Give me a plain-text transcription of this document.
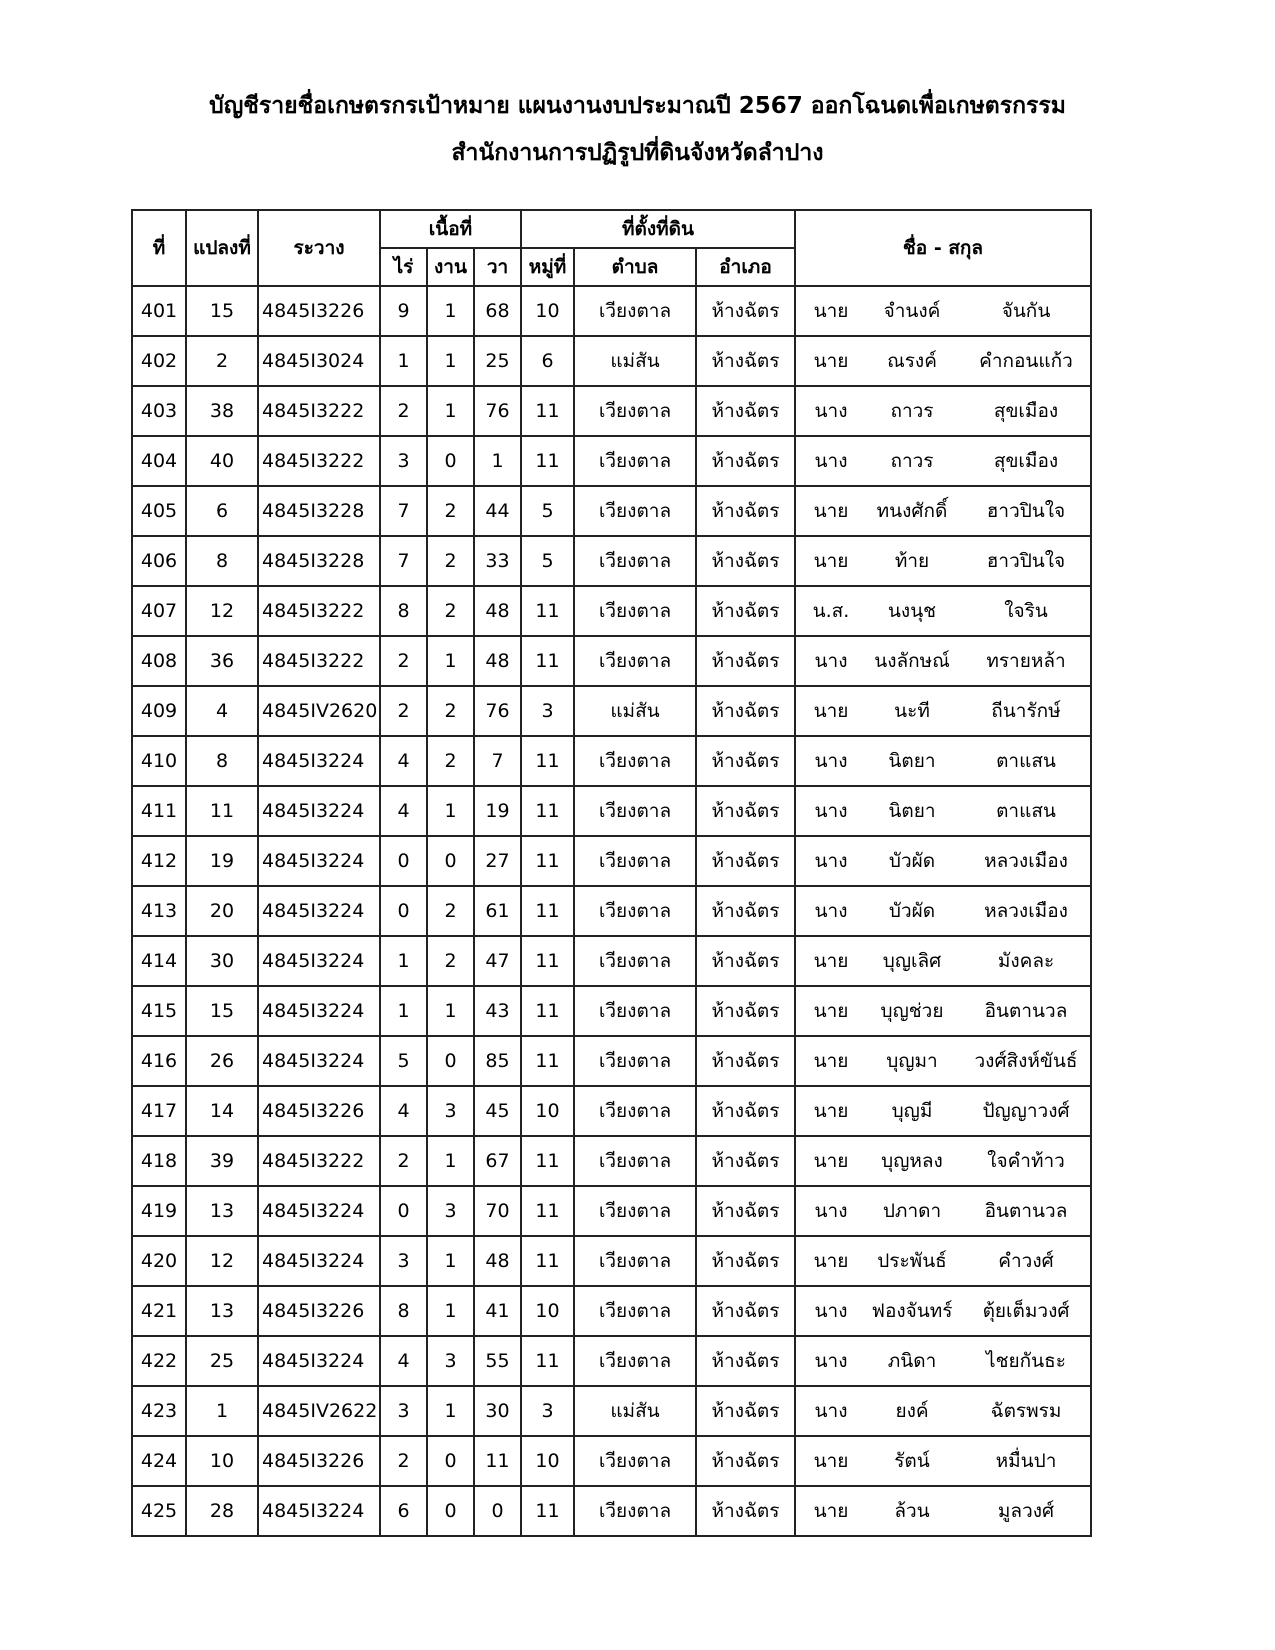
บัญชีรายชื่อเกษตรกรเป้าหมาย แผนงานงบประมาณปี 2567 ออกโฉนดเพื่อเกษตรกรรม
สำนักงานการปฏิรูปที่ดินจังหวัดลำปาง
ที่	แปลงที่	ระวาง	เนื้อที่			ที่ตั้งที่ดิน			ชื่อ - สกุล
			ไร่	งาน	วา	หมู่ที่	ตำบล	อำเภอ	
401	15	4845I3226	9	1	68	10	เวียงตาล	ห้างฉัตร	นาย จำนงค์ จันกัน

402	2	4845I3024	1	1	25	6	แม่สัน	ห้างฉัตร	นาย ณรงค์ คำกอนแก้ว

403	38	4845I3222	2	1	76	11	เวียงตาล	ห้างฉัตร	นาง ถาวร สุขเมือง

404	40	4845I3222	3	0	1	11	เวียงตาล	ห้างฉัตร	นาง ถาวร สุขเมือง

405	6	4845I3228	7	2	44	5	เวียงตาล	ห้างฉัตร	นาย ทนงศักดิ์ ฮาวปินใจ

406	8	4845I3228	7	2	33	5	เวียงตาล	ห้างฉัตร	นาย ท้าย ฮาวปินใจ

407	12	4845I3222	8	2	48	11	เวียงตาล	ห้างฉัตร	น.ส. นงนุช ใจริน

408	36	4845I3222	2	1	48	11	เวียงตาล	ห้างฉัตร	นาง นงลักษณ์ ทรายหล้า

409	4	4845IV2620	2	2	76	3	แม่สัน	ห้างฉัตร	นาย นะที ถีนารักษ์

410	8	4845I3224	4	2	7	11	เวียงตาล	ห้างฉัตร	นาง นิตยา ตาแสน

411	11	4845I3224	4	1	19	11	เวียงตาล	ห้างฉัตร	นาง นิตยา ตาแสน

412	19	4845I3224	0	0	27	11	เวียงตาล	ห้างฉัตร	นาง บัวผัด หลวงเมือง

413	20	4845I3224	0	2	61	11	เวียงตาล	ห้างฉัตร	นาง บัวผัด หลวงเมือง

414	30	4845I3224	1	2	47	11	เวียงตาล	ห้างฉัตร	นาย บุญเลิศ มังคละ

415	15	4845I3224	1	1	43	11	เวียงตาล	ห้างฉัตร	นาย บุญช่วย อินตานวล

416	26	4845I3224	5	0	85	11	เวียงตาล	ห้างฉัตร	นาย บุญมา วงศ์สิงห์ขันธ์

417	14	4845I3226	4	3	45	10	เวียงตาล	ห้างฉัตร	นาย บุญมี ปัญญาวงศ์

418	39	4845I3222	2	1	67	11	เวียงตาล	ห้างฉัตร	นาย บุญหลง ใจคำท้าว

419	13	4845I3224	0	3	70	11	เวียงตาล	ห้างฉัตร	นาง ปภาดา อินตานวล

420	12	4845I3224	3	1	48	11	เวียงตาล	ห้างฉัตร	นาย ประพันธ์ คำวงศ์

421	13	4845I3226	8	1	41	10	เวียงตาล	ห้างฉัตร	นาง ฟองจันทร์ ตุ้ยเต็มวงศ์

422	25	4845I3224	4	3	55	11	เวียงตาล	ห้างฉัตร	นาง ภนิดา ไชยกันธะ

423	1	4845IV2622	3	1	30	3	แม่สัน	ห้างฉัตร	นาง ยงค์ ฉัตรพรม

424	10	4845I3226	2	0	11	10	เวียงตาล	ห้างฉัตร	นาย รัตน์ หมื่นปา

425	28	4845I3224	6	0	0	11	เวียงตาล	ห้างฉัตร	นาย ล้วน มูลวงศ์
